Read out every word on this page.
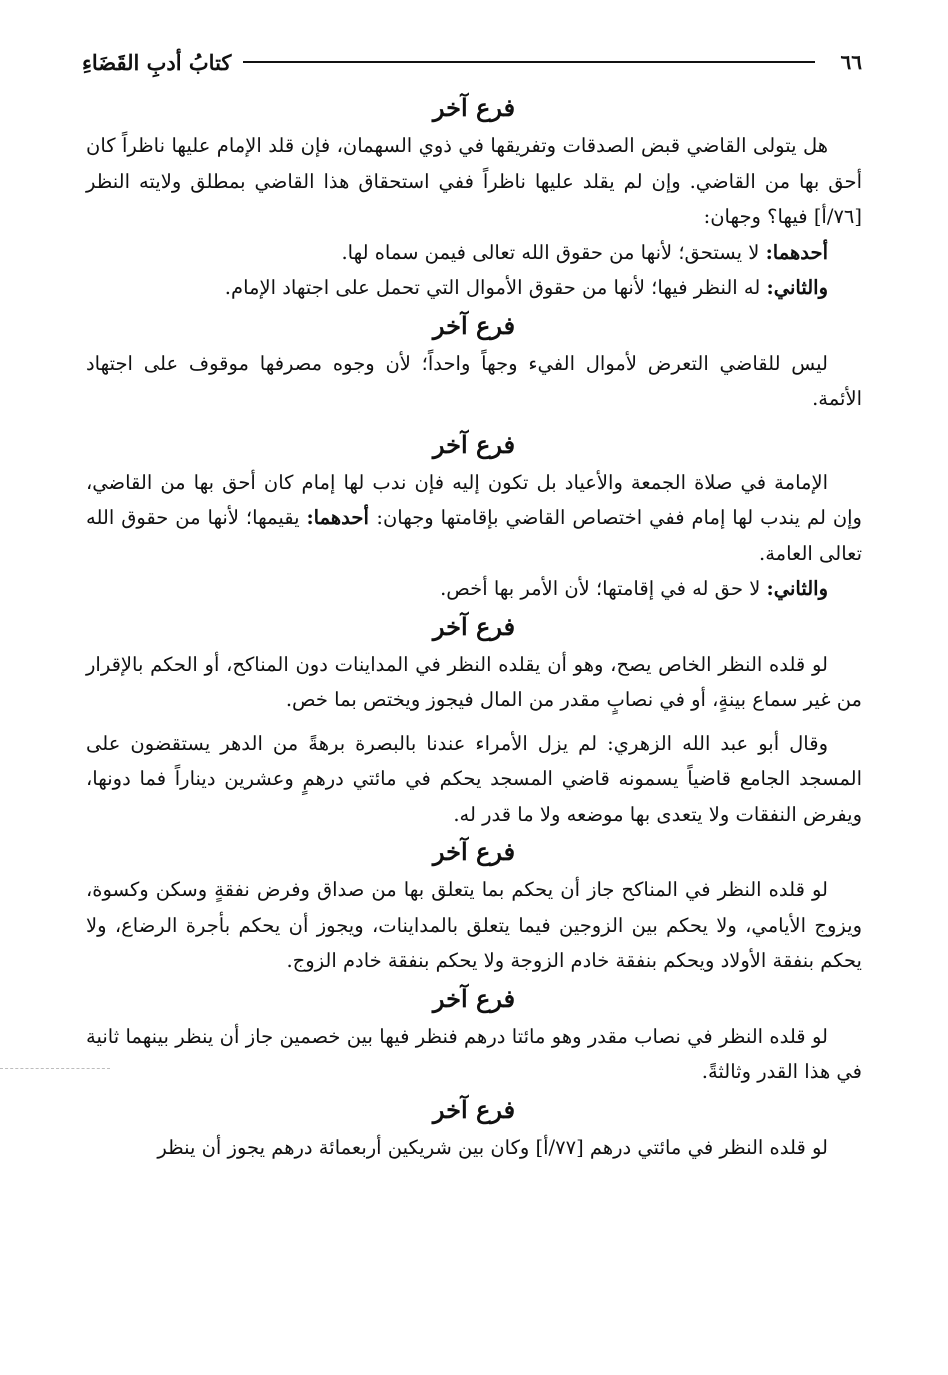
٦٦
كتابُ أدبِ القَضَاءِ
فرع آخر

هل يتولى القاضي قبض الصدقات وتفريقها في ذوي السهمان، فإن قلد الإمام عليها ناظراً كان أحق بها من القاضي. وإن لم يقلد عليها ناظراً ففي استحقاق هذا القاضي بمطلق ولايته النظر [٧٦/أ] فيها؟ وجهان:

أحدهما: لا يستحق؛ لأنها من حقوق الله تعالى فيمن سماه لها.

والثاني: له النظر فيها؛ لأنها من حقوق الأموال التي تحمل على اجتهاد الإمام.

فرع آخر

ليس للقاضي التعرض لأموال الفيء وجهاً واحداً؛ لأن وجوه مصرفها موقوف على اجتهاد الأئمة.

فرع آخر

الإمامة في صلاة الجمعة والأعياد بل تكون إليه فإن ندب لها إمام كان أحق بها من القاضي، وإن لم يندب لها إمام ففي اختصاص القاضي بإقامتها وجهان: أحدهما: يقيمها؛ لأنها من حقوق الله تعالى العامة.

والثاني: لا حق له في إقامتها؛ لأن الأمر بها أخص.

فرع آخر

لو قلده النظر الخاص يصح، وهو أن يقلده النظر في المداينات دون المناكح، أو الحكم بالإقرار من غير سماع بينةٍ، أو في نصابٍ مقدر من المال فيجوز ويختص بما خص.

وقال أبو عبد الله الزهري: لم يزل الأمراء عندنا بالبصرة برهةً من الدهر يستقضون على المسجد الجامع قاضياً يسمونه قاضي المسجد يحكم في مائتي درهمٍ وعشرين ديناراً فما دونها، ويفرض النفقات ولا يتعدى بها موضعه ولا ما قدر له.

فرع آخر

لو قلده النظر في المناكح جاز أن يحكم بما يتعلق بها من صداق وفرض نفقةٍ وسكن وكسوة، ويزوج الأيامي، ولا يحكم بين الزوجين فيما يتعلق بالمداينات، ويجوز أن يحكم بأجرة الرضاع، ولا يحكم بنفقة الأولاد ويحكم بنفقة خادم الزوجة ولا يحكم بنفقة خادم الزوج.

فرع آخر

لو قلده النظر في نصاب مقدر وهو مائتا درهم فنظر فيها بين خصمين جاز أن ينظر بينهما ثانية في هذا القدر وثالثةً.

فرع آخر

لو قلده النظر في مائتي درهم [٧٧/أ] وكان بين شريكين أربعمائة درهم يجوز أن ينظر
